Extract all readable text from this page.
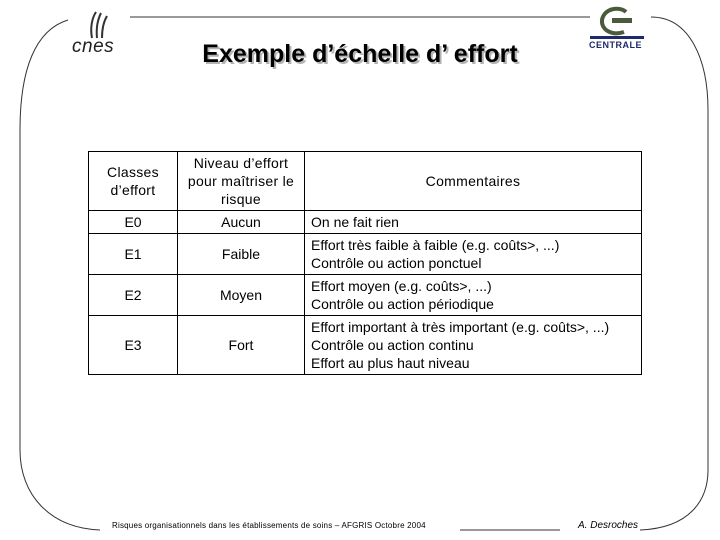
cnes	CENTRALE
Exemple d’échelle d’ effort
Classes d’effort	Niveau d’effort pour maîtriser le risque	Commentaires
E0	Aucun	On ne fait rien

E1	Faible	Effort très faible à faible (e.g. coûts>, ...)
Contrôle ou action ponctuel

E2	Moyen	Effort moyen (e.g. coûts>, ...)
Contrôle ou action périodique

E3	Fort	Effort important à très important (e.g. coûts>, ...)
Contrôle ou action continu
Effort au plus haut niveau
Risques organisationnels dans les établissements de soins – AFGRIS Octobre 2004	A. Desroches
